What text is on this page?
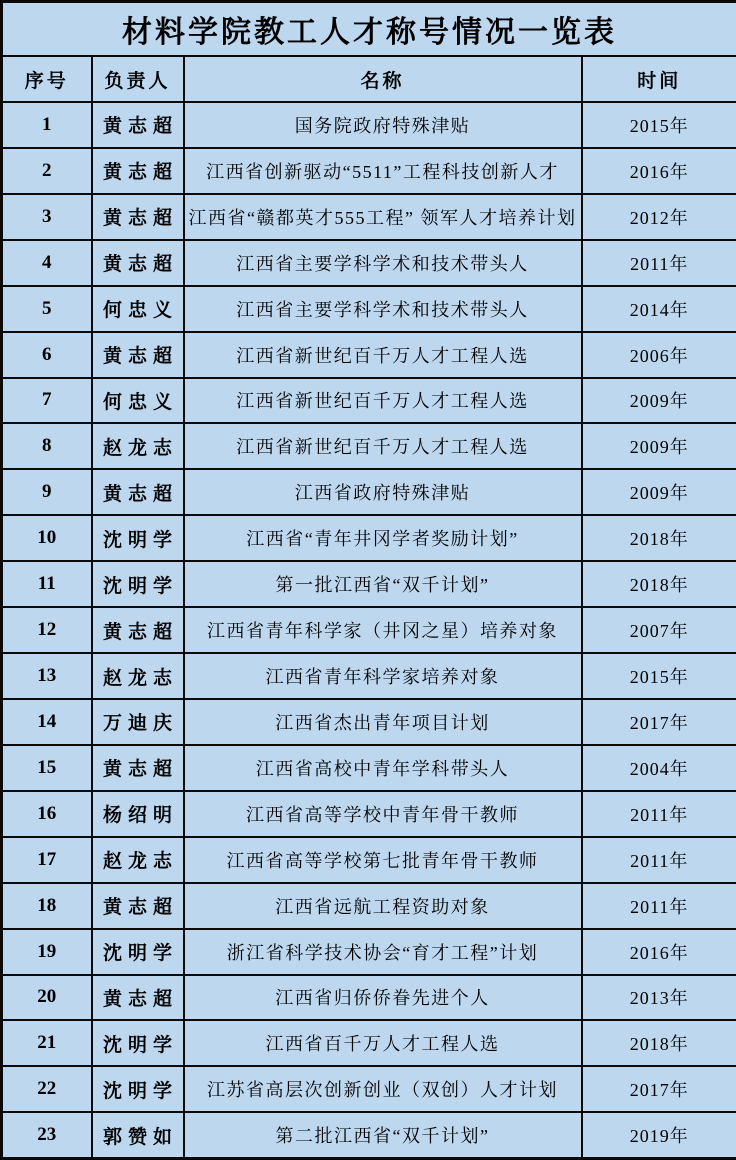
材料学院教工人才称号情况一览表			
序号	负责人	名称	时间
1	黄志超	国务院政府特殊津贴	2015年
2	黄志超	江西省创新驱动“5511”工程科技创新人才	2016年
3	黄志超	江西省“赣都英才555工程” 领军人才培养计划	2012年
4	黄志超	江西省主要学科学术和技术带头人	2011年
5	何忠义	江西省主要学科学术和技术带头人	2014年
6	黄志超	江西省新世纪百千万人才工程人选	2006年
7	何忠义	江西省新世纪百千万人才工程人选	2009年
8	赵龙志	江西省新世纪百千万人才工程人选	2009年
9	黄志超	江西省政府特殊津贴	2009年
10	沈明学	江西省“青年井冈学者奖励计划”	2018年
11	沈明学	第一批江西省“双千计划”	2018年
12	黄志超	江西省青年科学家（井冈之星）培养对象	2007年
13	赵龙志	江西省青年科学家培养对象	2015年
14	万迪庆	江西省杰出青年项目计划	2017年
15	黄志超	江西省高校中青年学科带头人	2004年
16	杨绍明	江西省高等学校中青年骨干教师	2011年
17	赵龙志	江西省高等学校第七批青年骨干教师	2011年
18	黄志超	江西省远航工程资助对象	2011年
19	沈明学	浙江省科学技术协会“育才工程”计划	2016年
20	黄志超	江西省归侨侨眷先进个人	2013年
21	沈明学	江西省百千万人才工程人选	2018年
22	沈明学	江苏省高层次创新创业（双创）人才计划	2017年
23	郭赞如	第二批江西省“双千计划”	2019年
